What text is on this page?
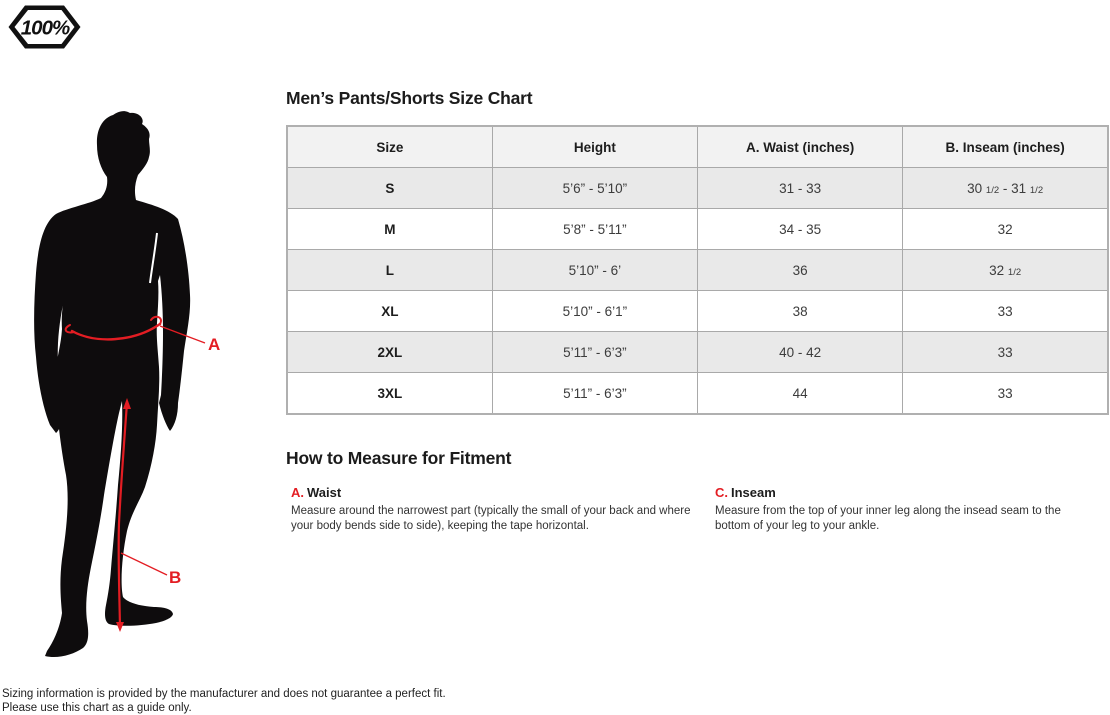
100%
A
B
Men’s Pants/Shorts Size Chart
Size	Height	A. Waist (inches)	B. Inseam (inches)
S	5’6” - 5’10”	31 - 33	30 1/2 - 31 1/2
M	5’8” - 5’11”	34 - 35	32
L	5’10” - 6’	36	32 1/2
XL	5’10” - 6’1”	38	33
2XL	5’11” - 6’3”	40 - 42	33
3XL	5’11” - 6’3”	44	33
How to Measure for Fitment
A. Waist

Measure around the narrowest part (typically the small of your back and where your body bends side to side), keeping the tape horizontal.

C. Inseam

Measure from the top of your inner leg along the insead seam to the bottom of your leg to your ankle.

Sizing information is provided by the manufacturer and does not guarantee a perfect fit.
Please use this chart as a guide only.
